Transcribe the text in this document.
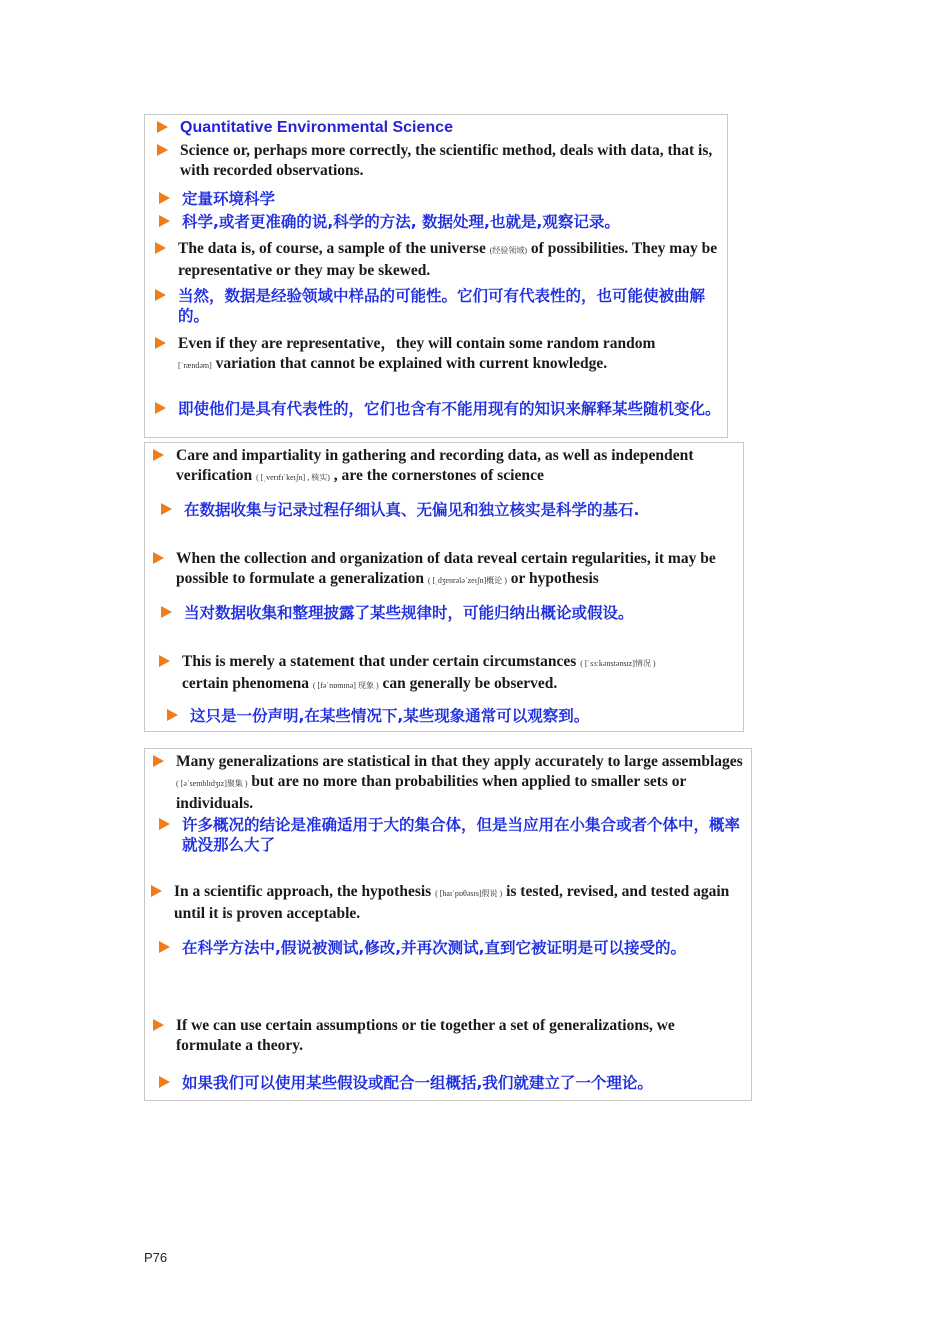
Quantitative Environmental Science
Science or, perhaps more correctly, the scientific method, deals with data, that is, with recorded observations.
定量环境科学
科学,或者更准确的说,科学的方法, 数据处理,也就是,观察记录。
The data is, of course, a sample of the universe (经验领域) of possibilities. They may be representative or they may be skewed.
当然，数据是经验领域中样品的可能性。它们可有代表性的，也可能使被曲解的。
Even if they are representative，they will contain some random random
[ˈrændəm] variation that cannot be explained with current knowledge.
即使他们是具有代表性的，它们也含有不能用现有的知识来解释某些随机变化。
Care and impartiality in gathering and recording data, as well as independent verification ( [ˌverɪfɪˈkeɪʃn] , 核实) , are the cornerstones of science
在数据收集与记录过程仔细认真、无偏见和独立核实是科学的基石.
When the collection and organization of data reveal certain regularities, it may be possible to formulate a generalization ( [ˌdʒenrələˈzeɪʃn]概论 ) or hypothesis
当对数据收集和整理披露了某些规律时，可能归纳出概论或假设。
This is merely a statement that under certain circumstances ( [ˈsɜːkənstənsɪz]情况 )
certain phenomena ( [fəˈnɒmɪnə] 现象 ) can generally be observed.
这只是一份声明,在某些情况下,某些现象通常可以观察到。
Many generalizations are statistical in that they apply accurately to large assemblages ( [əˈsemblɪdʒɪz]聚集 ) but are no more than probabilities when applied to smaller sets or individuals.
许多概况的结论是准确适用于大的集合体，但是当应用在小集合或者个体中，概率就没那么大了
In a scientific approach, the hypothesis ( [haɪˈpɒθəsɪs]假说 ) is tested, revised, and tested again until it is proven acceptable.
在科学方法中,假说被测试,修改,并再次测试,直到它被证明是可以接受的。
If we can use certain assumptions or tie together a set of generalizations, we formulate a theory.
如果我们可以使用某些假设或配合一组概括,我们就建立了一个理论。
P76
